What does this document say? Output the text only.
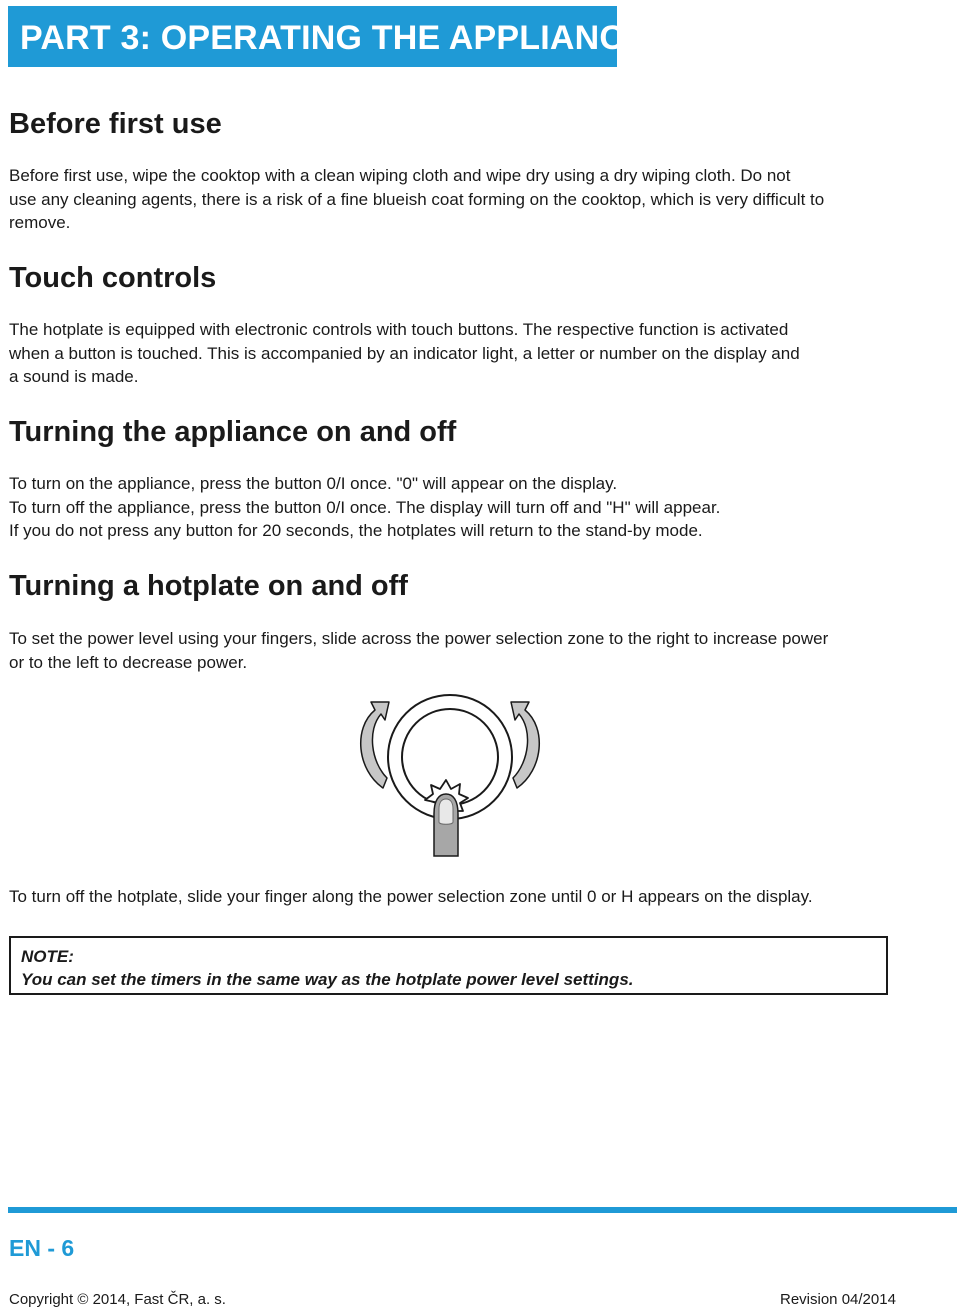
PART 3: OPERATING THE APPLIANCE
Before first use
Before first use, wipe the cooktop with a clean wiping cloth and wipe dry using a dry wiping cloth. Do not
use any cleaning agents, there is a risk of a fine blueish coat forming on the cooktop, which is very difficult to
remove.
Touch controls
The hotplate is equipped with electronic controls with touch buttons. The respective function is activated
when a button is touched. This is accompanied by an indicator light, a letter or number on the display and
a sound is made.
Turning the appliance on and off
To turn on the appliance, press the button 0/I once. "0" will appear on the display.
To turn off the appliance, press the button 0/I once. The display will turn off and "H" will appear.
If you do not press any button for 20 seconds, the hotplates will return to the stand-by mode.
Turning a hotplate on and off
To set the power level using your fingers, slide across the power selection zone to the right to increase power
or to the left to decrease power.
To turn off the hotplate, slide your finger along the power selection zone until 0 or H appears on the display.
NOTE:
You can set the timers in the same way as the hotplate power level settings.
EN - 6
Copyright © 2014, Fast ČR, a. s.	Revision 04/2014
